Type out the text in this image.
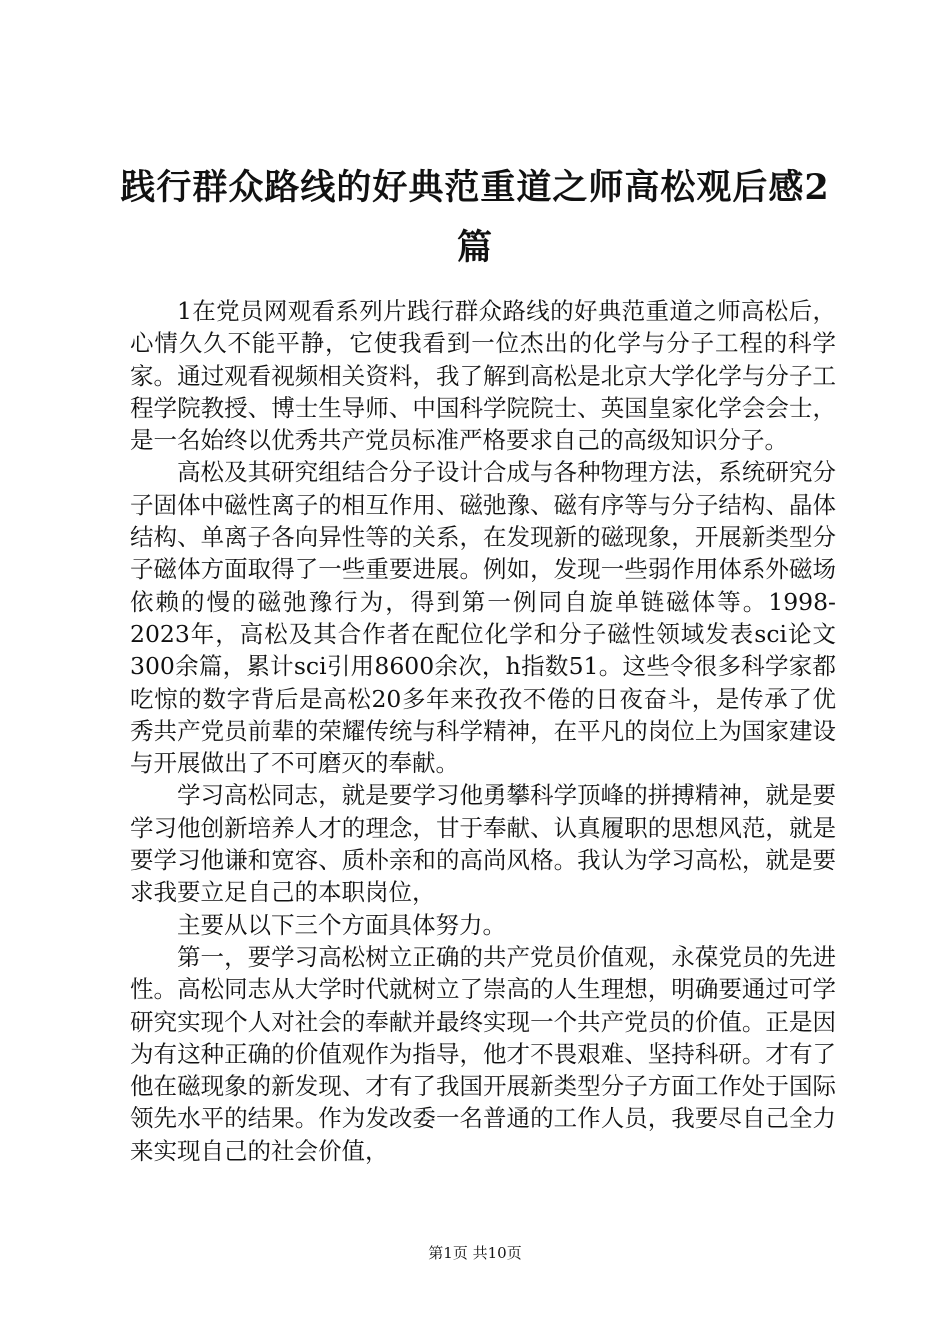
践行群众路线的好典范重道之师高松观后感2篇

1在党员网观看系列片践行群众路线的好典范重道之师高松后，心情久久不能平静，它使我看到一位杰出的化学与分子工程的科学家。通过观看视频相关资料，我了解到高松是北京大学化学与分子工程学院教授、博士生导师、中国科学院院士、英国皇家化学会会士，是一名始终以优秀共产党员标准严格要求自己的高级知识分子。

高松及其研究组结合分子设计合成与各种物理方法，系统研究分子固体中磁性离子的相互作用、磁弛豫、磁有序等与分子结构、晶体结构、单离子各向异性等的关系，在发现新的磁现象，开展新类型分子磁体方面取得了一些重要进展。例如，发现一些弱作用体系外磁场依赖的慢的磁弛豫行为，得到第一例同自旋单链磁体等。1998-2023年，高松及其合作者在配位化学和分子磁性领域发表sci论文300余篇，累计sci引用8600余次，h指数51。这些令很多科学家都吃惊的数字背后是高松20多年来孜孜不倦的日夜奋斗，是传承了优秀共产党员前辈的荣耀传统与科学精神，在平凡的岗位上为国家建设与开展做出了不可磨灭的奉献。

学习高松同志，就是要学习他勇攀科学顶峰的拼搏精神，就是要学习他创新培养人才的理念，甘于奉献、认真履职的思想风范，就是要学习他谦和宽容、质朴亲和的高尚风格。我认为学习高松，就是要求我要立足自己的本职岗位，

主要从以下三个方面具体努力。

第一，要学习高松树立正确的共产党员价值观，永葆党员的先进性。高松同志从大学时代就树立了崇高的人生理想，明确要通过可学研究实现个人对社会的奉献并最终实现一个共产党员的价值。正是因为有这种正确的价值观作为指导，他才不畏艰难、坚持科研。才有了他在磁现象的新发现、才有了我国开展新类型分子方面工作处于国际领先水平的结果。作为发改委一名普通的工作人员，我要尽自己全力来实现自己的社会价值，

第1页 共10页
